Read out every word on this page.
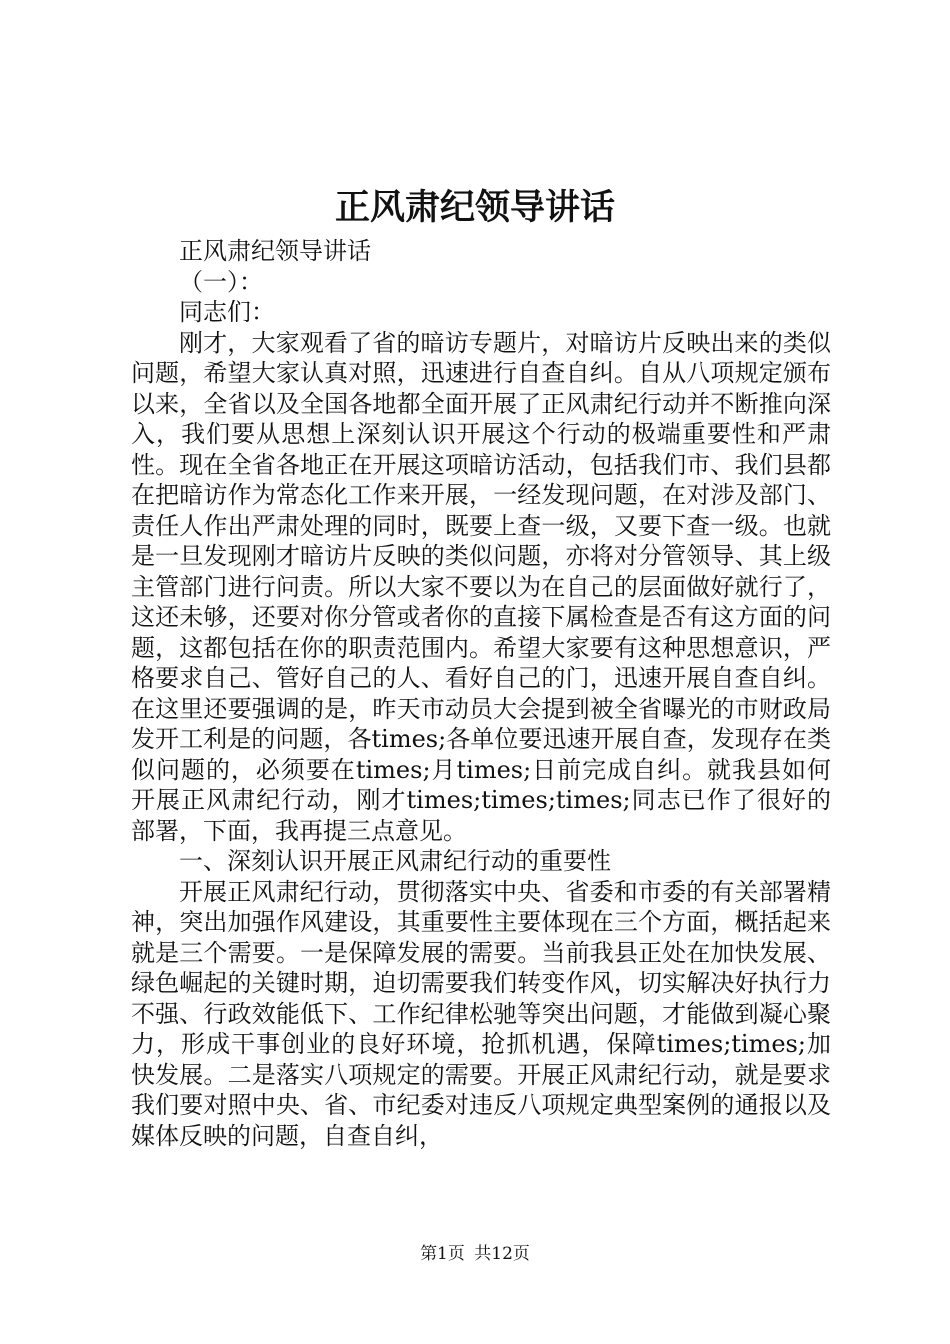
正风肃纪领导讲话

正风肃纪领导讲话

（一）：

同志们：

刚才，大家观看了省的暗访专题片，对暗访片反映出来的类似问题，希望大家认真对照，迅速进行自查自纠。自从八项规定颁布以来，全省以及全国各地都全面开展了正风肃纪行动并不断推向深入，我们要从思想上深刻认识开展这个行动的极端重要性和严肃性。现在全省各地正在开展这项暗访活动，包括我们市、我们县都在把暗访作为常态化工作来开展，一经发现问题，在对涉及部门、责任人作出严肃处理的同时，既要上查一级，又要下查一级。也就是一旦发现刚才暗访片反映的类似问题，亦将对分管领导、其上级主管部门进行问责。所以大家不要以为在自己的层面做好就行了，这还未够，还要对你分管或者你的直接下属检查是否有这方面的问题，这都包括在你的职责范围内。希望大家要有这种思想意识，严格要求自己、管好自己的人、看好自己的门，迅速开展自查自纠。在这里还要强调的是，昨天市动员大会提到被全省曝光的市财政局发开工利是的问题，各times;各单位要迅速开展自查，发现存在类似问题的，必须要在times;月times;日前完成自纠。就我县如何开展正风肃纪行动，刚才times;times;times;同志已作了很好的部署，下面，我再提三点意见。

一、深刻认识开展正风肃纪行动的重要性

开展正风肃纪行动，贯彻落实中央、省委和市委的有关部署精神，突出加强作风建设，其重要性主要体现在三个方面，概括起来就是三个需要。一是保障发展的需要。当前我县正处在加快发展、绿色崛起的关键时期，迫切需要我们转变作风，切实解决好执行力不强、行政效能低下、工作纪律松驰等突出问题，才能做到凝心聚力，形成干事创业的良好环境，抢抓机遇，保障times;times;加快发展。二是落实八项规定的需要。开展正风肃纪行动，就是要求我们要对照中央、省、市纪委对违反八项规定典型案例的通报以及媒体反映的问题，自查自纠，

第1页 共12页
